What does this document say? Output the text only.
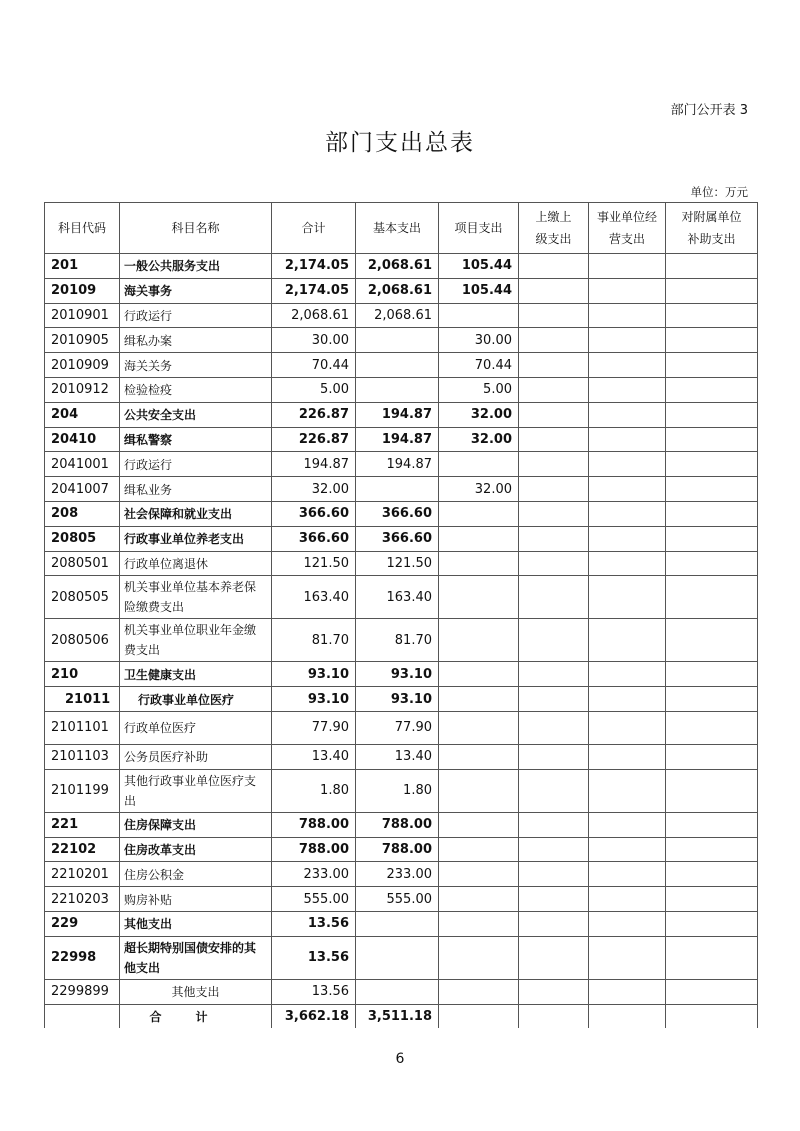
部门公开表 3
部门支出总表
单位：万元
科目代码	科目名称	合计	基本支出	项目支出	上缴上级支出	事业单位经营支出	对附属单位补助支出
201	一般公共服务支出	2,174.05	2,068.61	105.44			
20109	海关事务	2,174.05	2,068.61	105.44			
2010901	行政运行	2,068.61	2,068.61				
2010905	缉私办案	30.00		30.00			
2010909	海关关务	70.44		70.44			
2010912	检验检疫	5.00		5.00			
204	公共安全支出	226.87	194.87	32.00			
20410	缉私警察	226.87	194.87	32.00			
2041001	行政运行	194.87	194.87				
2041007	缉私业务	32.00		32.00			
208	社会保障和就业支出	366.60	366.60				
20805	行政事业单位养老支出	366.60	366.60				
2080501	行政单位离退休	121.50	121.50				
2080505	机关事业单位基本养老保险缴费支出	163.40	163.40				
2080506	机关事业单位职业年金缴费支出	81.70	81.70				
210	卫生健康支出	93.10	93.10				
21011	行政事业单位医疗	93.10	93.10				
2101101	行政单位医疗	77.90	77.90				
2101103	公务员医疗补助	13.40	13.40				
2101199	其他行政事业单位医疗支出	1.80	1.80				
221	住房保障支出	788.00	788.00				
22102	住房改革支出	788.00	788.00				
2210201	住房公积金	233.00	233.00				
2210203	购房补贴	555.00	555.00				
229	其他支出	13.56					
22998	超长期特别国债安排的其他支出	13.56					
2299899	其他支出	13.56					
	合计	3,662.18	3,511.18				
6
